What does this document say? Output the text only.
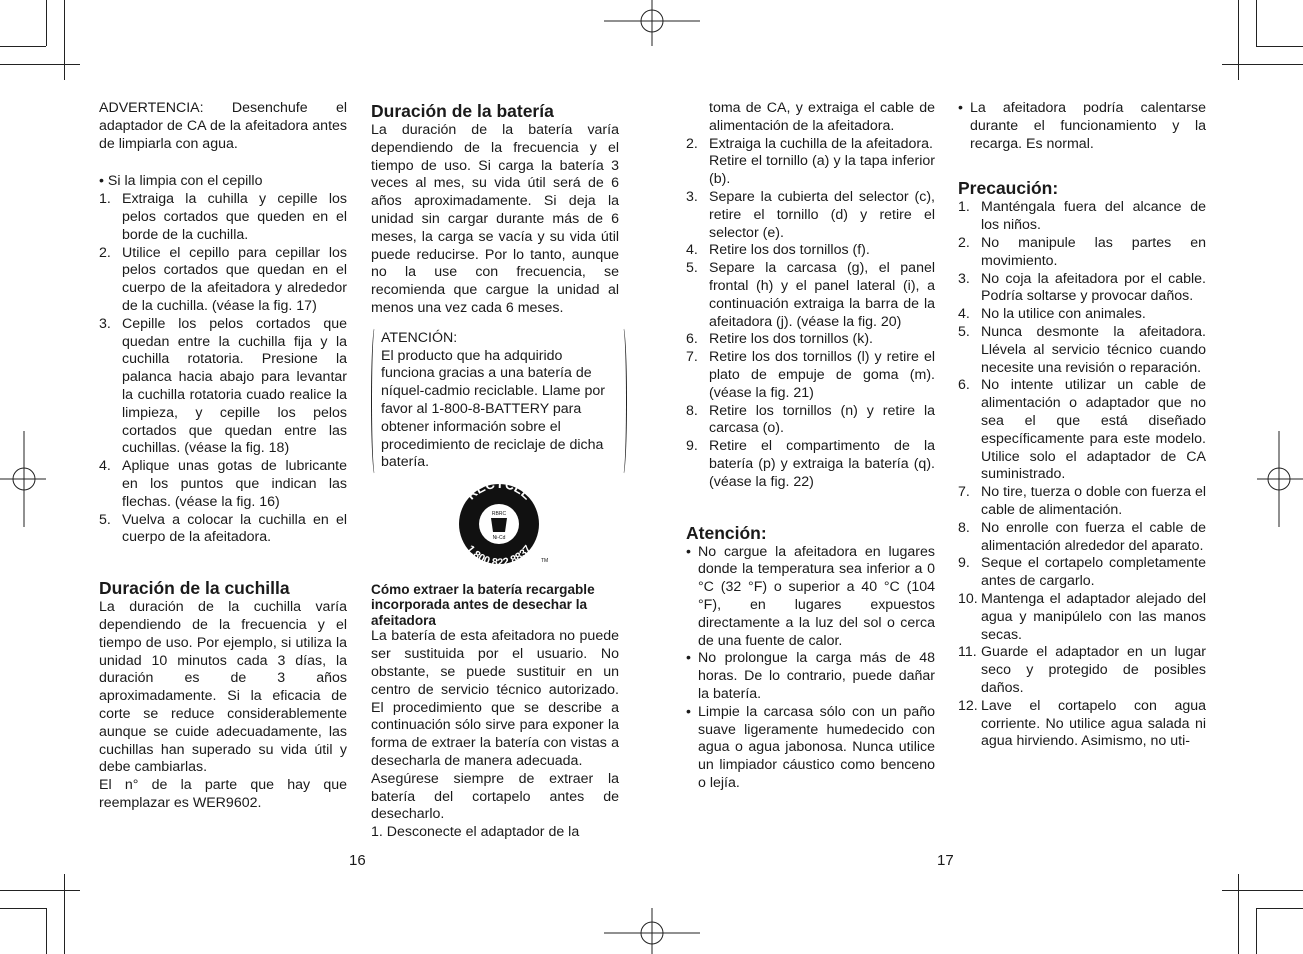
ADVERTENCIA: Desenchufe el adaptador de CA de la afeitadora antes de limpiarla con agua.

• Si la limpia con el cepillo

1. Extraiga la cuhilla y cepille los pelos cortados que queden en el borde de la cuchilla.
2. Utilice el cepillo para cepillar los pelos cortados que quedan en el cuerpo de la afeitadora y alrededor de la cuchilla. (véase la fig. 17)
3. Cepille los pelos cortados que quedan entre la cuchilla fija y la cuchilla rotatoria. Presione la palanca hacia abajo para levantar la cuchilla rotatoria cuado realice la limpieza, y cepille los pelos cortados que quedan entre las cuchillas. (véase la fig. 18)
4. Aplique unas gotas de lubricante en los puntos que indican las flechas. (véase la fig. 16)
5. Vuelva a colocar la cuchilla en el cuerpo de la afeitadora.
Duración de la cuchilla

La duración de la cuchilla varía dependiendo de la frecuencia y el tiempo de uso. Por ejemplo, si utiliza la unidad 10 minutos cada 3 días, la duración es de 3 años aproximadamente. Si la eficacia de corte se reduce considerablemente aunque se cuide adecuadamente, las cuchillas han superado su vida útil y debe cambiarlas.

El n° de la parte que hay que reemplazar es WER9602.

Duración de la batería

La duración de la batería varía dependiendo de la frecuencia y el tiempo de uso. Si carga la batería 3 veces al mes, su vida útil será de 6 años aproximadamente. Si deja la unidad sin cargar durante más de 6 meses, la carga se vacía y su vida útil puede reducirse. Por lo tanto, aunque no la use con frecuencia, se recomienda que cargue la unidad al menos una vez cada 6 meses.

ATENCIÓN:

El producto que ha adquirido funciona gracias a una batería de níquel-cadmio reciclable. Llame por favor al 1-800-8-BATTERY para obtener información sobre el procedimiento de reciclaje de dicha batería.

RECYCLE
1.800.822.8837
RBRC
Ni-Cd
TM
Cómo extraer la batería recargable incorporada antes de desechar la afeitadora

La batería de esta afeitadora no puede ser sustituida por el usuario. No obstante, se puede sustituir en un centro de servicio técnico autorizado. El procedimiento que se describe a continuación sólo sirve para exponer la forma de extraer la batería con vistas a desecharla de manera adecuada.

Asegúrese siempre de extraer la batería del cortapelo antes de desecharlo.

1. Desconecte el adaptador de la

16

toma de CA, y extraiga el cable de alimentación de la afeitadora.

2. Extraiga la cuchilla de la afeitadora.
Retire el tornillo (a) y la tapa inferior (b).
3. Separe la cubierta del selector (c), retire el tornillo (d) y retire el selector (e).
4. Retire los dos tornillos (f).
5. Separe la carcasa (g), el panel frontal (h) y el panel lateral (i), a continuación extraiga la barra de la afeitadora (j). (véase la fig. 20)
6. Retire los dos tornillos (k).
7. Retire los dos tornillos (l) y retire el plato de empuje de goma (m). (véase la fig. 21)
8. Retire los tornillos (n) y retire la carcasa (o).
9. Retire el compartimento de la batería (p) y extraiga la batería (q). (véase la fig. 22)
Atención:
• No cargue la afeitadora en lugares donde la temperatura sea inferior a 0 °C (32 °F) o superior a 40 °C (104 °F), en lugares expuestos directamente a la luz del sol o cerca de una fuente de calor.
• No prolongue la carga más de 48 horas. De lo contrario, puede dañar la batería.
• Limpie la carcasa sólo con un paño suave ligeramente humedecido con agua o agua jabonosa. Nunca utilice un limpiador cáustico como benceno o lejía.
• La afeitadora podría calentarse durante el funcionamiento y la recarga. Es normal.
Precaución:
1. Manténgala fuera del alcance de los niños.
2. No manipule las partes en movimiento.
3. No coja la afeitadora por el cable. Podría soltarse y provocar daños.
4. No la utilice con animales.
5. Nunca desmonte la afeitadora. Llévela al servicio técnico cuando necesite una revisión o reparación.
6. No intente utilizar un cable de alimentación o adaptador que no sea el que está diseñado específicamente para este modelo. Utilice solo el adaptador de CA suministrado.
7. No tire, tuerza o doble con fuerza el cable de alimentación.
8. No enrolle con fuerza el cable de alimentación alrededor del aparato.
9. Seque el cortapelo completamente antes de cargarlo.
10. Mantenga el adaptador alejado del agua y manipúlelo con las manos secas.
11. Guarde el adaptador en un lugar seco y protegido de posibles daños.
12. Lave el cortapelo con agua corriente. No utilice agua salada ni agua hirviendo. Asimismo, no uti-
17
